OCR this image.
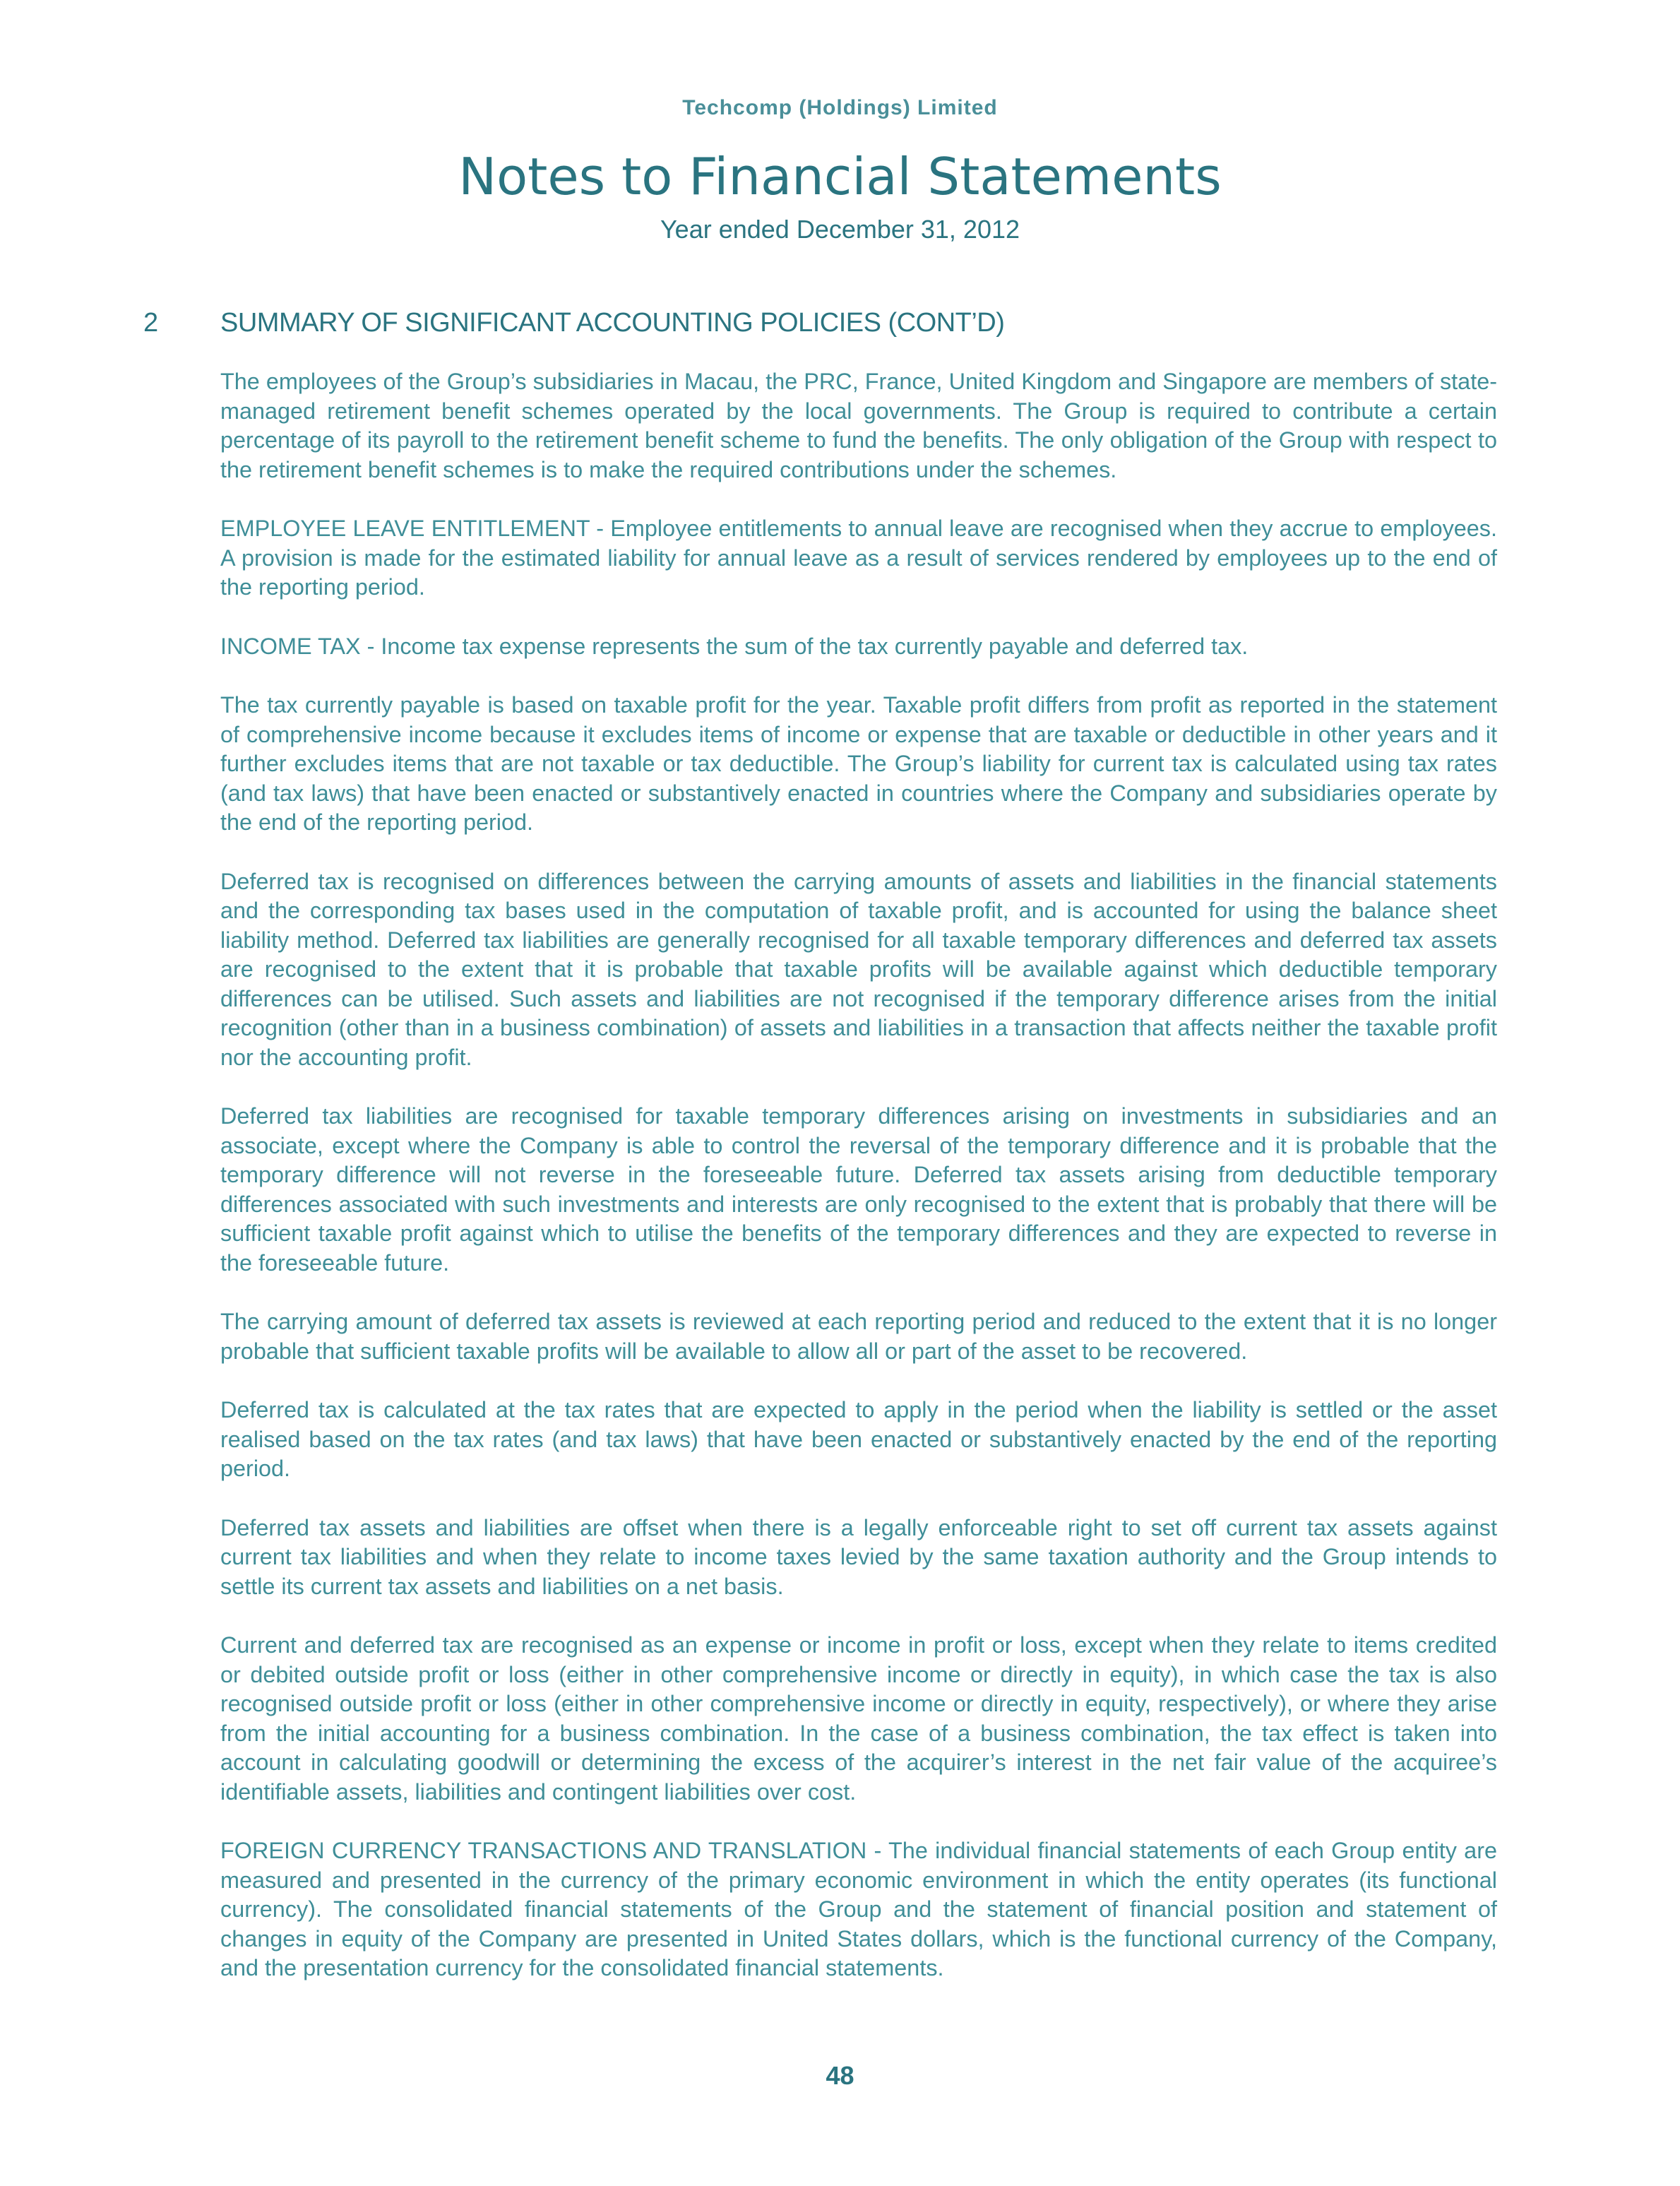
Techcomp (Holdings) Limited
Notes to Financial Statements
Year ended December 31, 2012
2 SUMMARY OF SIGNIFICANT ACCOUNTING POLICIES (CONT’D)

The employees of the Group’s subsidiaries in Macau, the PRC, France, United Kingdom and Singapore are members of state-managed retirement benefit schemes operated by the local governments. The Group is required to contribute a certain percentage of its payroll to the retirement benefit scheme to fund the benefits. The only obligation of the Group with respect to the retirement benefit schemes is to make the required contributions under the schemes.

EMPLOYEE LEAVE ENTITLEMENT - Employee entitlements to annual leave are recognised when they accrue to employees. A provision is made for the estimated liability for annual leave as a result of services rendered by employees up to the end of the reporting period.

INCOME TAX - Income tax expense represents the sum of the tax currently payable and deferred tax.

The tax currently payable is based on taxable profit for the year. Taxable profit differs from profit as reported in the statement of comprehensive income because it excludes items of income or expense that are taxable or deductible in other years and it further excludes items that are not taxable or tax deductible. The Group’s liability for current tax is calculated using tax rates (and tax laws) that have been enacted or substantively enacted in countries where the Company and subsidiaries operate by the end of the reporting period.

Deferred tax is recognised on differences between the carrying amounts of assets and liabilities in the financial statements and the corresponding tax bases used in the computation of taxable profit, and is accounted for using the balance sheet liability method. Deferred tax liabilities are generally recognised for all taxable temporary differences and deferred tax assets are recognised to the extent that it is probable that taxable profits will be available against which deductible temporary differences can be utilised. Such assets and liabilities are not recognised if the temporary difference arises from the initial recognition (other than in a business combination) of assets and liabilities in a transaction that affects neither the taxable profit nor the accounting profit.

Deferred tax liabilities are recognised for taxable temporary differences arising on investments in subsidiaries and an associate, except where the Company is able to control the reversal of the temporary difference and it is probable that the temporary difference will not reverse in the foreseeable future. Deferred tax assets arising from deductible temporary differences associated with such investments and interests are only recognised to the extent that is probably that there will be sufficient taxable profit against which to utilise the benefits of the temporary differences and they are expected to reverse in the foreseeable future.

The carrying amount of deferred tax assets is reviewed at each reporting period and reduced to the extent that it is no longer probable that sufficient taxable profits will be available to allow all or part of the asset to be recovered.

Deferred tax is calculated at the tax rates that are expected to apply in the period when the liability is settled or the asset realised based on the tax rates (and tax laws) that have been enacted or substantively enacted by the end of the reporting period.

Deferred tax assets and liabilities are offset when there is a legally enforceable right to set off current tax assets against current tax liabilities and when they relate to income taxes levied by the same taxation authority and the Group intends to settle its current tax assets and liabilities on a net basis.

Current and deferred tax are recognised as an expense or income in profit or loss, except when they relate to items credited or debited outside profit or loss (either in other comprehensive income or directly in equity), in which case the tax is also recognised outside profit or loss (either in other comprehensive income or directly in equity, respectively), or where they arise from the initial accounting for a business combination. In the case of a business combination, the tax effect is taken into account in calculating goodwill or determining the excess of the acquirer’s interest in the net fair value of the acquiree’s identifiable assets, liabilities and contingent liabilities over cost.

FOREIGN CURRENCY TRANSACTIONS AND TRANSLATION - The individual financial statements of each Group entity are measured and presented in the currency of the primary economic environment in which the entity operates (its functional currency). The consolidated financial statements of the Group and the statement of financial position and statement of changes in equity of the Company are presented in United States dollars, which is the functional currency of the Company, and the presentation currency for the consolidated financial statements.

48
